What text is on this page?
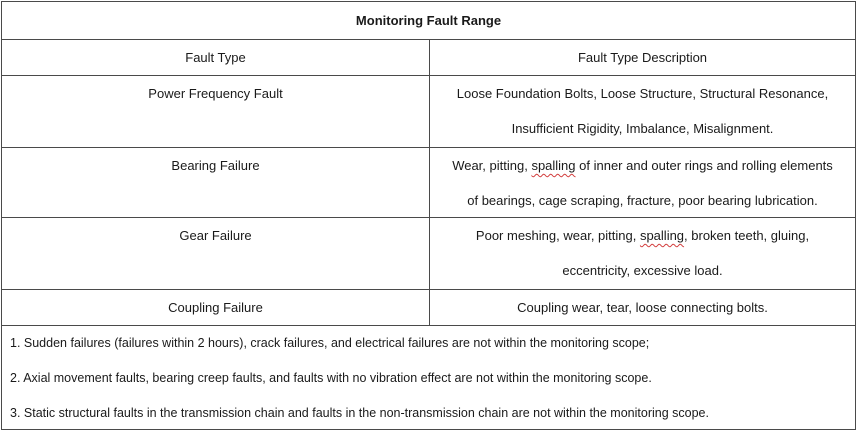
Monitoring Fault Range
Fault Type	Fault Type Description
Power Frequency Fault	Loose Foundation Bolts, Loose Structure, Structural Resonance,
Insufficient Rigidity, Imbalance, Misalignment.
Bearing Failure	Wear, pitting, spalling of inner and outer rings and rolling elements
of bearings, cage scraping, fracture, poor bearing lubrication.
Gear Failure	Poor meshing, wear, pitting, spalling, broken teeth, gluing,
eccentricity, excessive load.
Coupling Failure	Coupling wear, tear, loose connecting bolts.
1. Sudden failures (failures within 2 hours), crack failures, and electrical failures are not within the monitoring scope;
2. Axial movement faults, bearing creep faults, and faults with no vibration effect are not within the monitoring scope.
3. Static structural faults in the transmission chain and faults in the non-transmission chain are not within the monitoring scope.
